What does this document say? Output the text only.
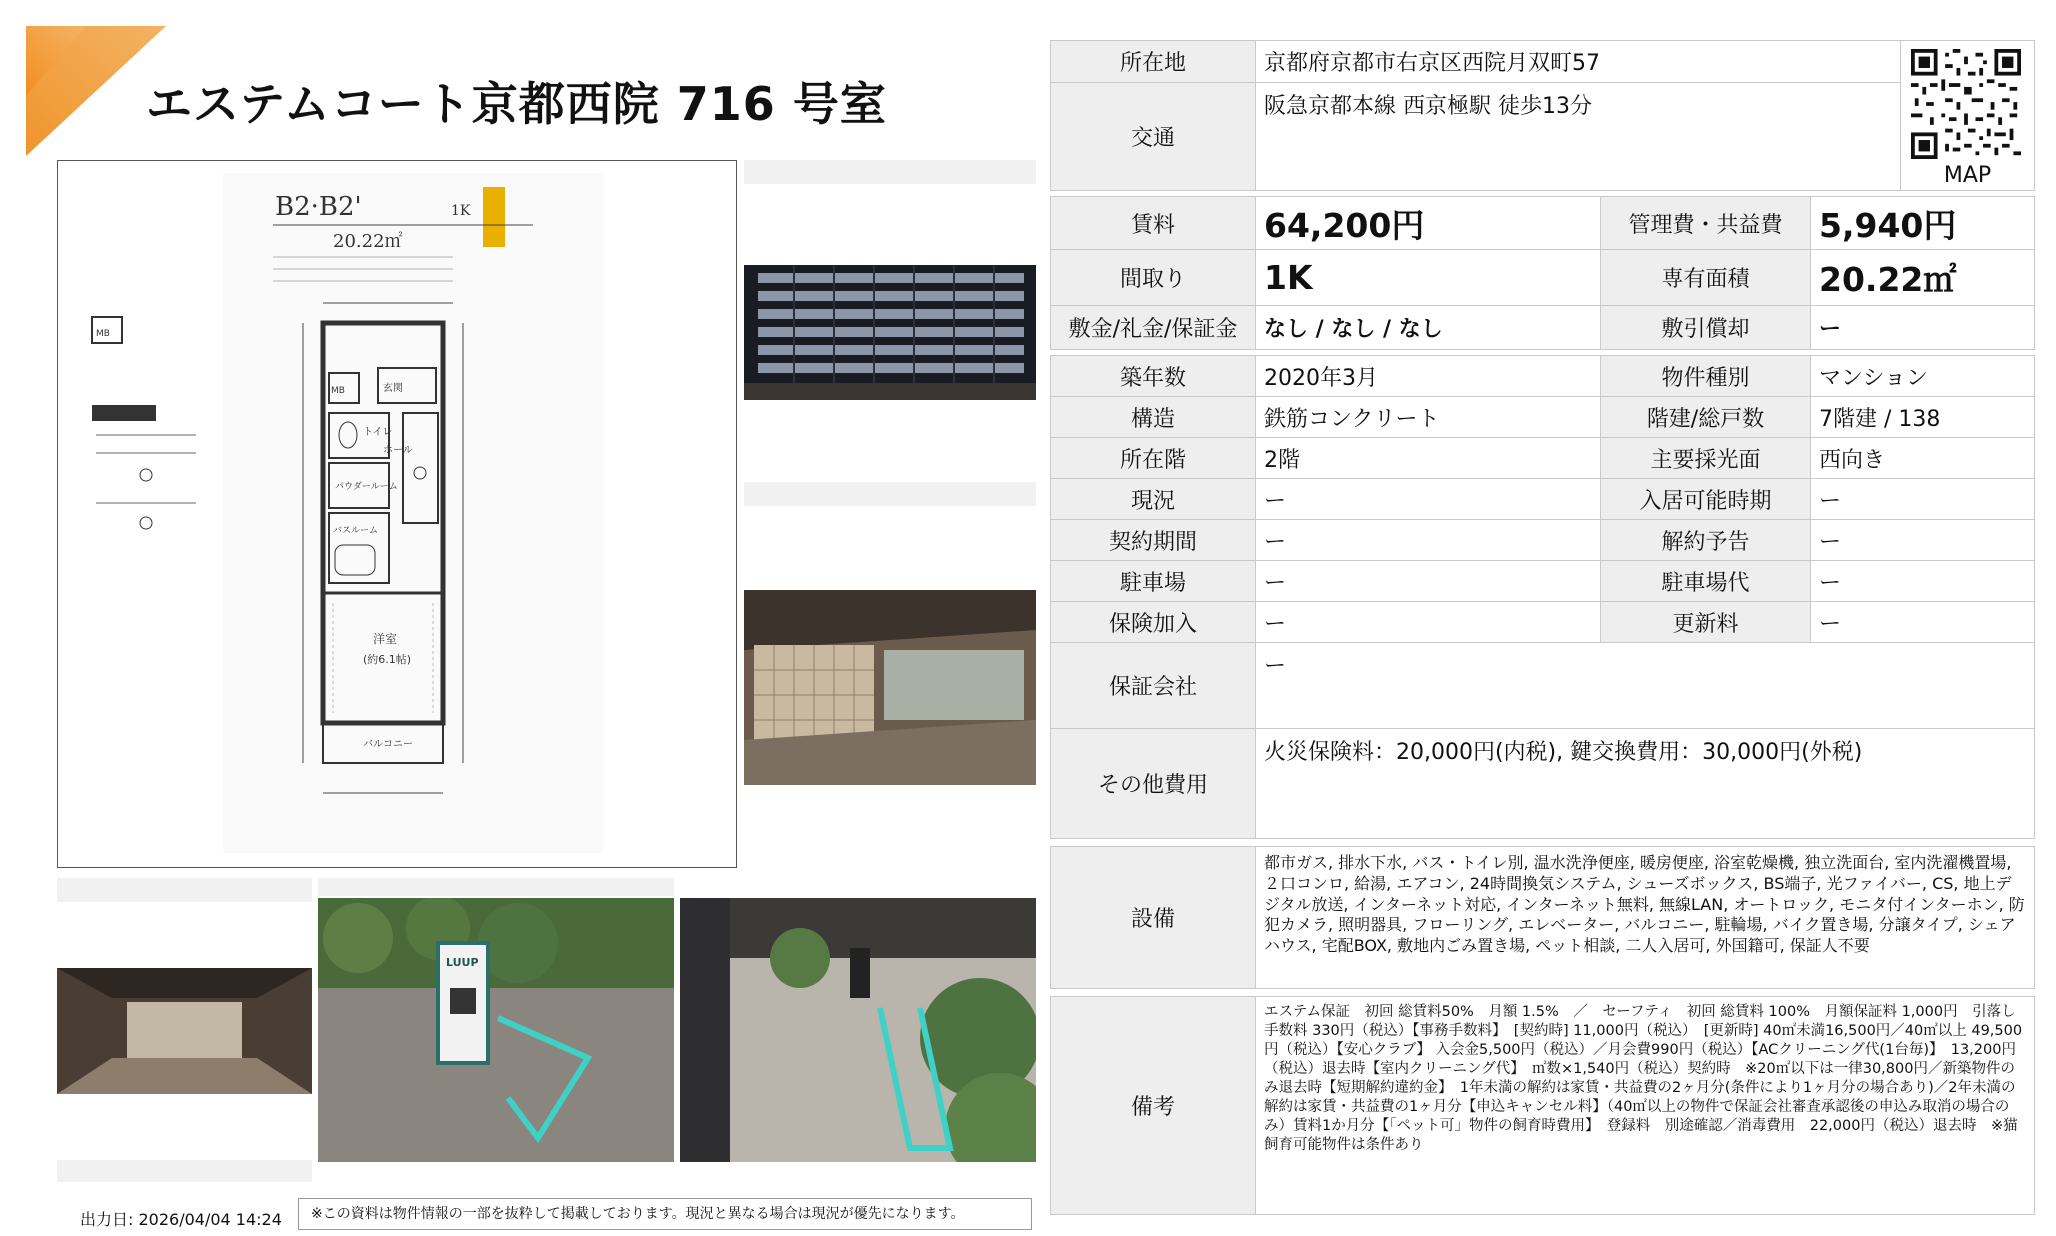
エステムコート京都西院 716 号室
B2·B2'	1K
20.22㎡
玄関
MB
トイレ
ホール
パウダールーム
バスルーム
洋室
(約6.1帖)
バルコニー
MB
LUUP
所在地	京都府京都市右京区西院月双町57			MAP

交通	阪急京都本線 西京極駅 徒歩13分			

賃料	64,200円	管理費・共益費	5,940円	
間取り	1K	専有面積	20.22㎡	
敷金/礼金/保証金	なし / なし / なし	敷引償却	ー	

築年数	2020年3月	物件種別	マンション	
構造	鉄筋コンクリート	階建/総戸数	7階建 / 138	
所在階	2階	主要採光面	西向き	
現況	ー	入居可能時期	ー	
契約期間	ー	解約予告	ー	
駐車場	ー	駐車場代	ー	
保険加入	ー	更新料	ー	
保証会社	ー			
その他費用	火災保険料：20,000円(内税), 鍵交換費用：30,000円(外税)			

設備	都市ガス, 排水下水, バス・トイレ別, 温水洗浄便座, 暖房便座, 浴室乾燥機, 独立洗面台, 室内洗濯機置場, ２口コンロ, 給湯, エアコン, 24時間換気システム, シューズボックス, BS端子, 光ファイバー, CS, 地上デジタル放送, インターネット対応, インターネット無料, 無線LAN, オートロック, モニタ付インターホン, 防犯カメラ, 照明器具, フローリング, エレベーター, バルコニー, 駐輪場, バイク置き場, 分譲タイプ, シェアハウス, 宅配BOX, 敷地内ごみ置き場, ペット相談, 二人入居可, 外国籍可, 保証人不要			

備考	エステム保証　初回 総賃料50%　月額 1.5%　／　セーフティ　初回 総賃料 100%　月額保証料 1,000円　引落し手数料 330円（税込）【事務手数料】　[契約時] 11,000円（税込）　[更新時] 40㎡未満16,500円／40㎡以上 49,500円（税込）【安心クラブ】 入会金5,500円（税込）／月会費990円（税込）【ACクリーニング代(1台毎)】　13,200円（税込）退去時【室内クリーニング代】　㎡数×1,540円（税込）契約時　※20㎡以下は一律30,800円／新築物件のみ退去時【短期解約違約金】　1年未満の解約は家賃・共益費の2ヶ月分(条件により1ヶ月分の場合あり)／2年未満の解約は家賃・共益費の1ヶ月分【申込キャンセル料】（40㎡以上の物件で保証会社審査承認後の申込み取消の場合のみ）賃料1か月分【「ペット可」物件の飼育時費用】　登録料　別途確認／消毒費用　22,000円（税込）退去時　※猫飼育可能物件は条件あり			
出力日: 2026/04/04 14:24	※この資料は物件情報の一部を抜粋して掲載しております。現況と異なる場合は現況が優先になります。
